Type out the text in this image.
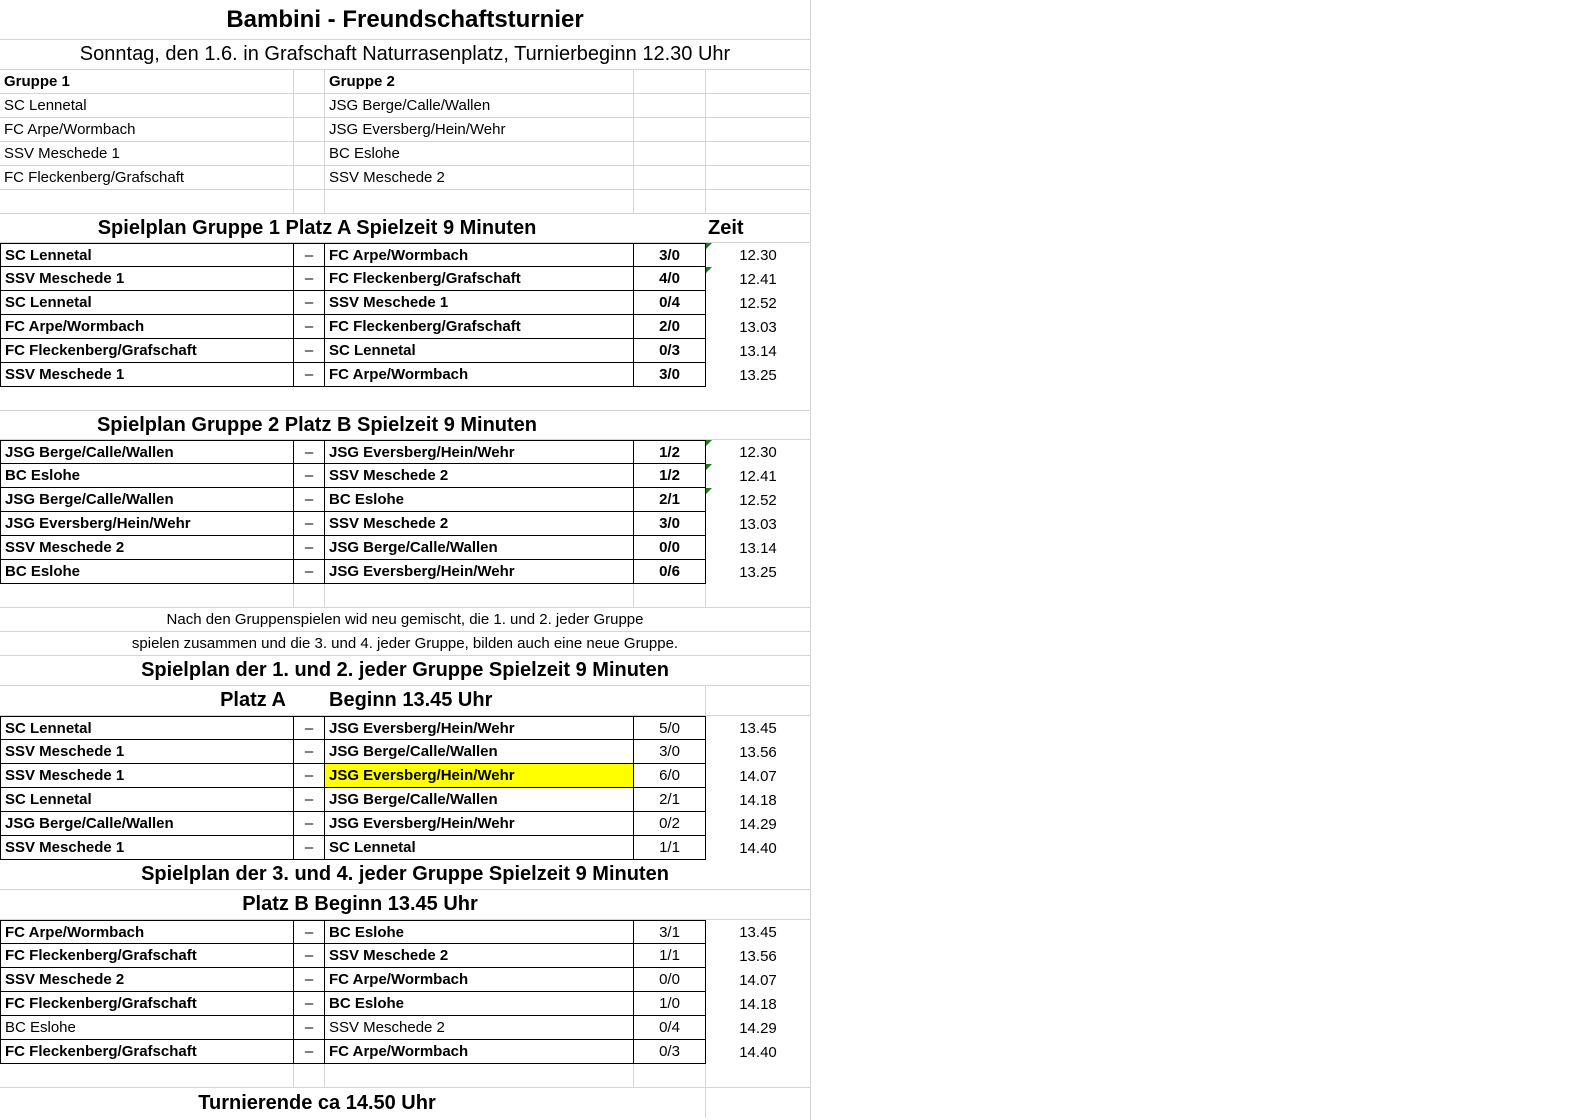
Bambini - Freundschaftsturnier
Sonntag, den 1.6. in Grafschaft Naturrasenplatz, Turnierbeginn 12.30 Uhr
Gruppe 1	Gruppe 2
SC Lennetal	JSG Berge/Calle/Wallen
FC Arpe/Wormbach	JSG Eversberg/Hein/Wehr
SSV Meschede 1	BC Eslohe
FC Fleckenberg/Grafschaft	SSV Meschede 2
Spielplan Gruppe 1 Platz A Spielzeit 9 Minuten	Zeit
SC Lennetal	–	FC Arpe/Wormbach	3/0	12.30
SSV Meschede 1	–	FC Fleckenberg/Grafschaft	4/0	12.41
SC Lennetal	–	SSV Meschede 1	0/4	12.52
FC Arpe/Wormbach	–	FC Fleckenberg/Grafschaft	2/0	13.03
FC Fleckenberg/Grafschaft	–	SC Lennetal	0/3	13.14
SSV Meschede 1	–	FC Arpe/Wormbach	3/0	13.25
Spielplan Gruppe 2 Platz B Spielzeit 9 Minuten
JSG Berge/Calle/Wallen	–	JSG Eversberg/Hein/Wehr	1/2	12.30
BC Eslohe	–	SSV Meschede 2	1/2	12.41
JSG Berge/Calle/Wallen	–	BC Eslohe	2/1	12.52
JSG Eversberg/Hein/Wehr	–	SSV Meschede 2	3/0	13.03
SSV Meschede 2	–	JSG Berge/Calle/Wallen	0/0	13.14
BC Eslohe	–	JSG Eversberg/Hein/Wehr	0/6	13.25
Nach den Gruppenspielen wid neu gemischt, die 1. und 2. jeder Gruppe
spielen zusammen und die 3. und 4. jeder Gruppe, bilden auch eine neue Gruppe.
Spielplan der 1. und 2. jeder Gruppe Spielzeit 9 Minuten
Platz A	Beginn 13.45 Uhr
SC Lennetal	–	JSG Eversberg/Hein/Wehr	5/0	13.45
SSV Meschede 1	–	JSG Berge/Calle/Wallen	3/0	13.56
SSV Meschede 1	–	JSG Eversberg/Hein/Wehr	6/0	14.07
SC Lennetal	–	JSG Berge/Calle/Wallen	2/1	14.18
JSG Berge/Calle/Wallen	–	JSG Eversberg/Hein/Wehr	0/2	14.29
SSV Meschede 1	–	SC Lennetal	1/1	14.40
Spielplan der 3. und 4. jeder Gruppe Spielzeit 9 Minuten
Platz B Beginn 13.45 Uhr
FC Arpe/Wormbach	–	BC Eslohe	3/1	13.45
FC Fleckenberg/Grafschaft	–	SSV Meschede 2	1/1	13.56
SSV Meschede 2	–	FC Arpe/Wormbach	0/0	14.07
FC Fleckenberg/Grafschaft	–	BC Eslohe	1/0	14.18
BC Eslohe	–	SSV Meschede 2	0/4	14.29
FC Fleckenberg/Grafschaft	–	FC Arpe/Wormbach	0/3	14.40
Turnierende ca 14.50 Uhr
